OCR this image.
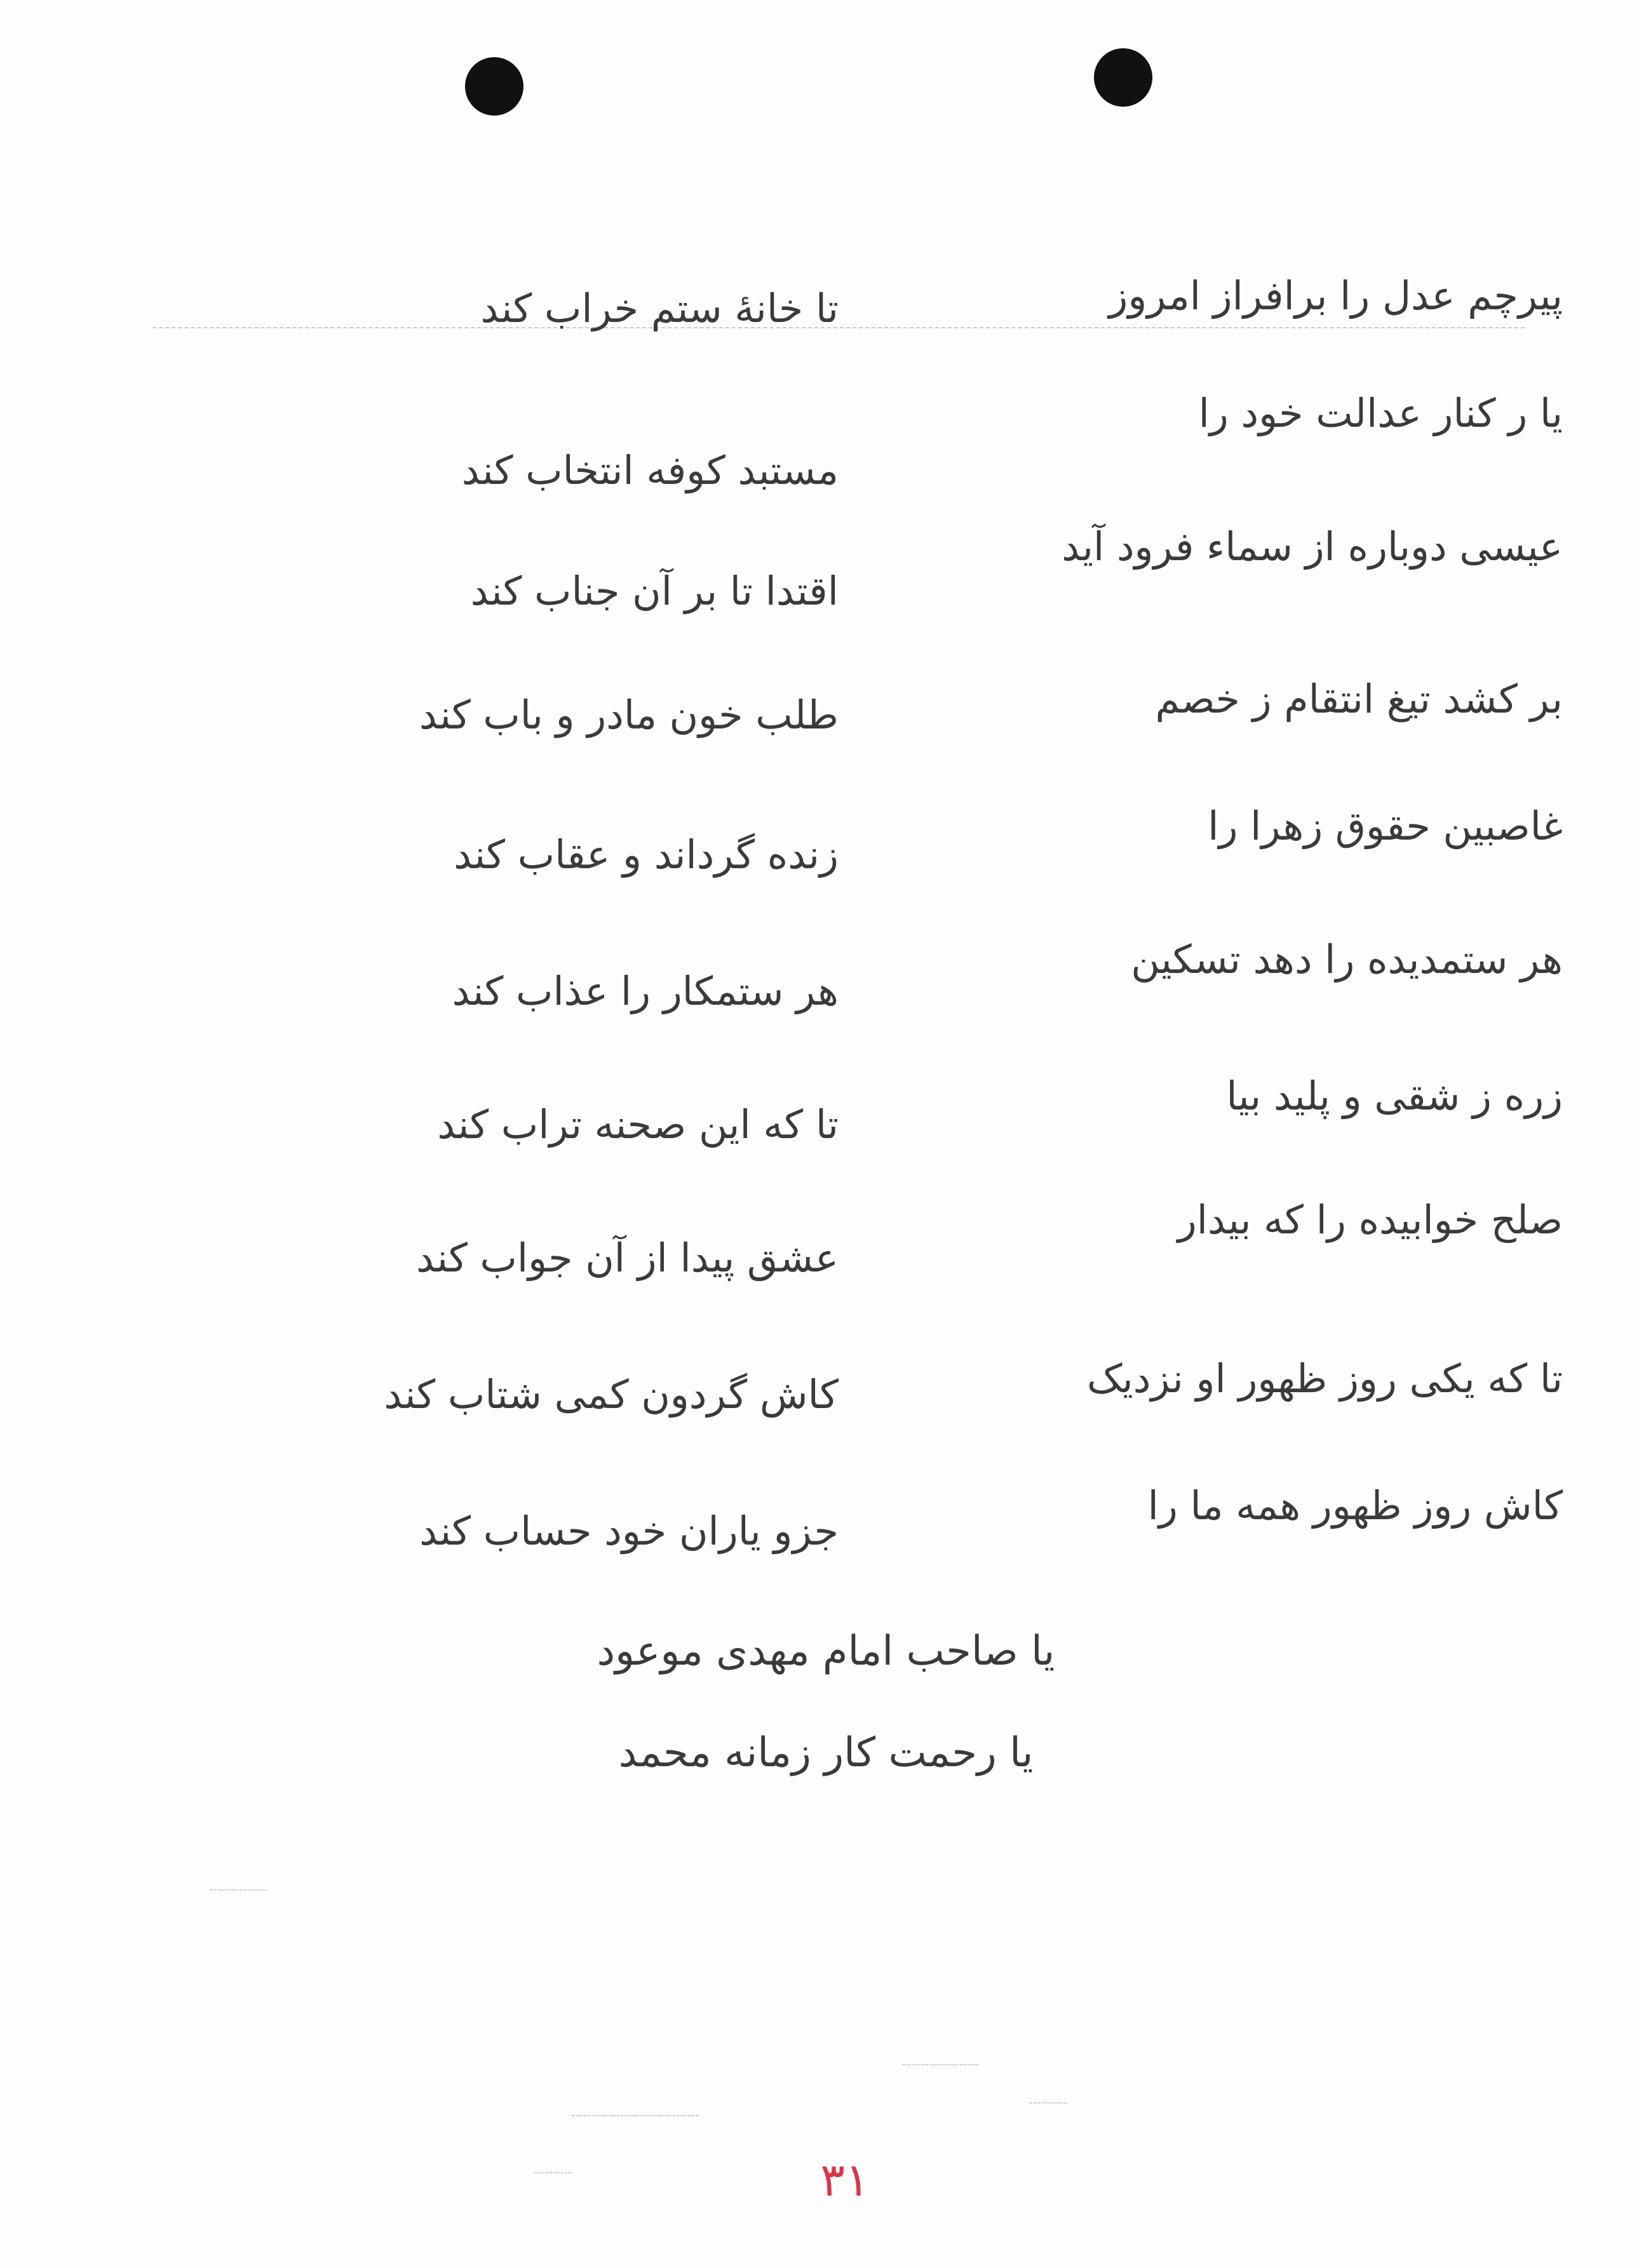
پیرچم عدل را برافراز امروز
تا خانهٔ ستم خراب کند
یا ر کنار عدالت خود را
مستبد کوفه انتخاب کند
عیسی دوباره از سماء فرود آید
اقتدا تا بر آن جناب کند
بر کشد تیغ انتقام ز خصم
طلب خون مادر و باب کند
غاصبین حقوق زهرا را
زنده گرداند و عقاب کند
هر ستمدیده را دهد تسکین
هر ستمکار را عذاب کند
زره ز شقی و پلید بیا
تا که این صحنه تراب کند
صلح خوابیده را که بیدار
عشق پیدا از آن جواب کند
تا که یکی روز ظهور او نزدیک
کاش گردون کمی شتاب کند
کاش روز ظهور همه ما را
جزو یاران خود حساب کند
یا صاحب امام مهدی موعود
یا رحمت کار زمانه محمد
۳۱
